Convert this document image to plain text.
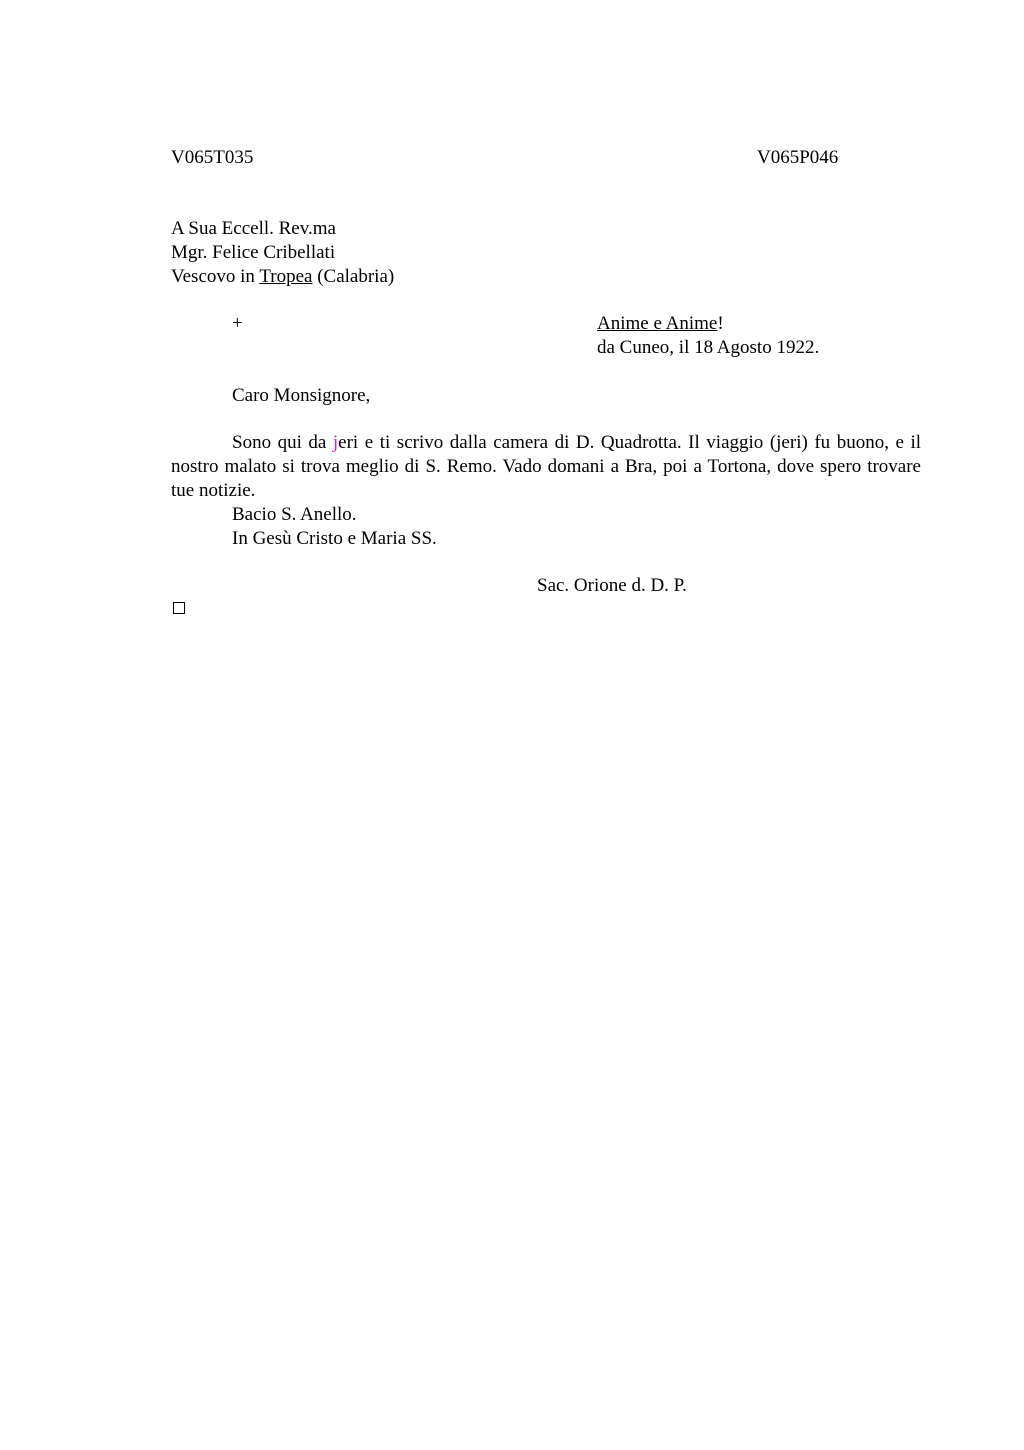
V065T035	V065P046
A Sua Eccell. Rev.ma
Mgr. Felice Cribellati
Vescovo in Tropea (Calabria)
+	Anime e Anime!
da Cuneo, il 18 Agosto 1922.
Caro Monsignore,
Sono qui da jeri e ti scrivo dalla camera di D. Quadrotta. Il viaggio (jeri) fu buono, e il nostro malato si trova meglio di S. Remo. Vado domani a Bra, poi a Tortona, dove spero trovare tue notizie.
Bacio S. Anello.
In Gesù Cristo e Maria SS.
Sac. Orione d. D. P.
